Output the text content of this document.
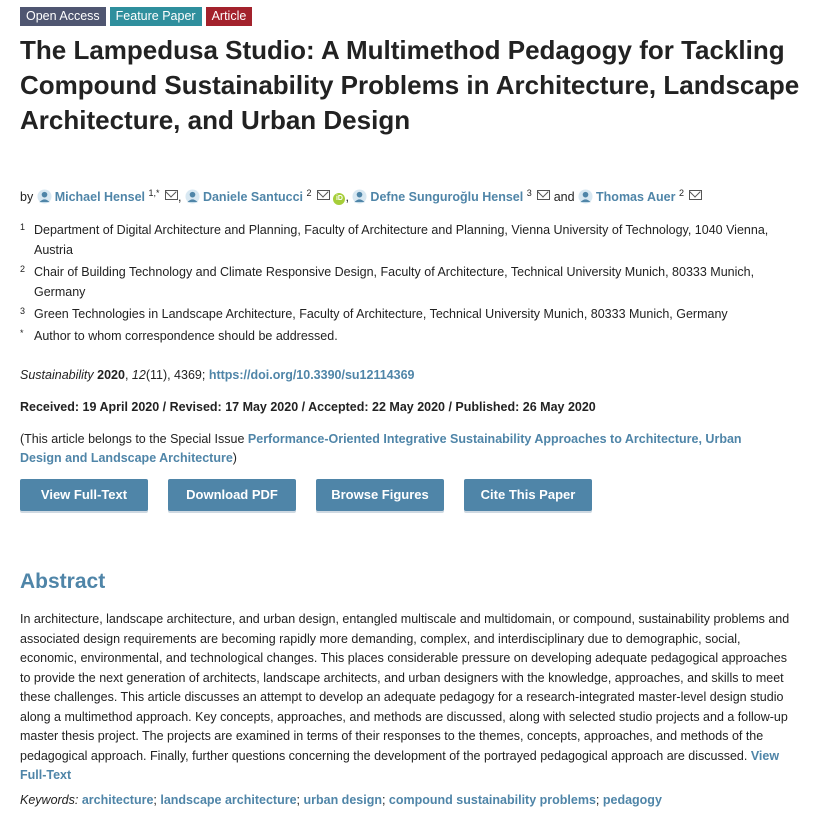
Open Access	Feature Paper	Article
The Lampedusa Studio: A Multimethod Pedagogy for Tackling Compound Sustainability Problems in Architecture, Landscape Architecture, and Urban Design
by Michael Hensel $^{1,*}$ , Daniele Santucci $^2$  iD , Defne Sunguroğlu Hensel $^3$ and Thomas Auer $^2$
1 Department of Digital Architecture and Planning, Faculty of Architecture and Planning, Vienna University of Technology, 1040 Vienna, Austria
2 Chair of Building Technology and Climate Responsive Design, Faculty of Architecture, Technical University Munich, 80333 Munich, Germany
3 Green Technologies in Landscape Architecture, Faculty of Architecture, Technical University Munich, 80333 Munich, Germany
* Author to whom correspondence should be addressed.
Sustainability 2020, 12(11), 4369; https://doi.org/10.3390/su12114369
Received: 19 April 2020 / Revised: 17 May 2020 / Accepted: 22 May 2020 / Published: 26 May 2020
(This article belongs to the Special Issue Performance-Oriented Integrative Sustainability Approaches to Architecture, Urban Design and Landscape Architecture)
View Full-Text	Download PDF	Browse Figures	Cite This Paper
Abstract
In architecture, landscape architecture, and urban design, entangled multiscale and multidomain, or compound, sustainability problems and associated design requirements are becoming rapidly more demanding, complex, and interdisciplinary due to demographic, social, economic, environmental, and technological changes. This places considerable pressure on developing adequate pedagogical approaches to provide the next generation of architects, landscape architects, and urban designers with the knowledge, approaches, and skills to meet these challenges. This article discusses an attempt to develop an adequate pedagogy for a research-integrated master-level design studio along a multimethod approach. Key concepts, approaches, and methods are discussed, along with selected studio projects and a follow-up master thesis project. The projects are examined in terms of their responses to the themes, concepts, approaches, and methods of the pedagogical approach. Finally, further questions concerning the development of the portrayed pedagogical approach are discussed. View Full-Text
Keywords: architecture; landscape architecture; urban design; compound sustainability problems; pedagogy
